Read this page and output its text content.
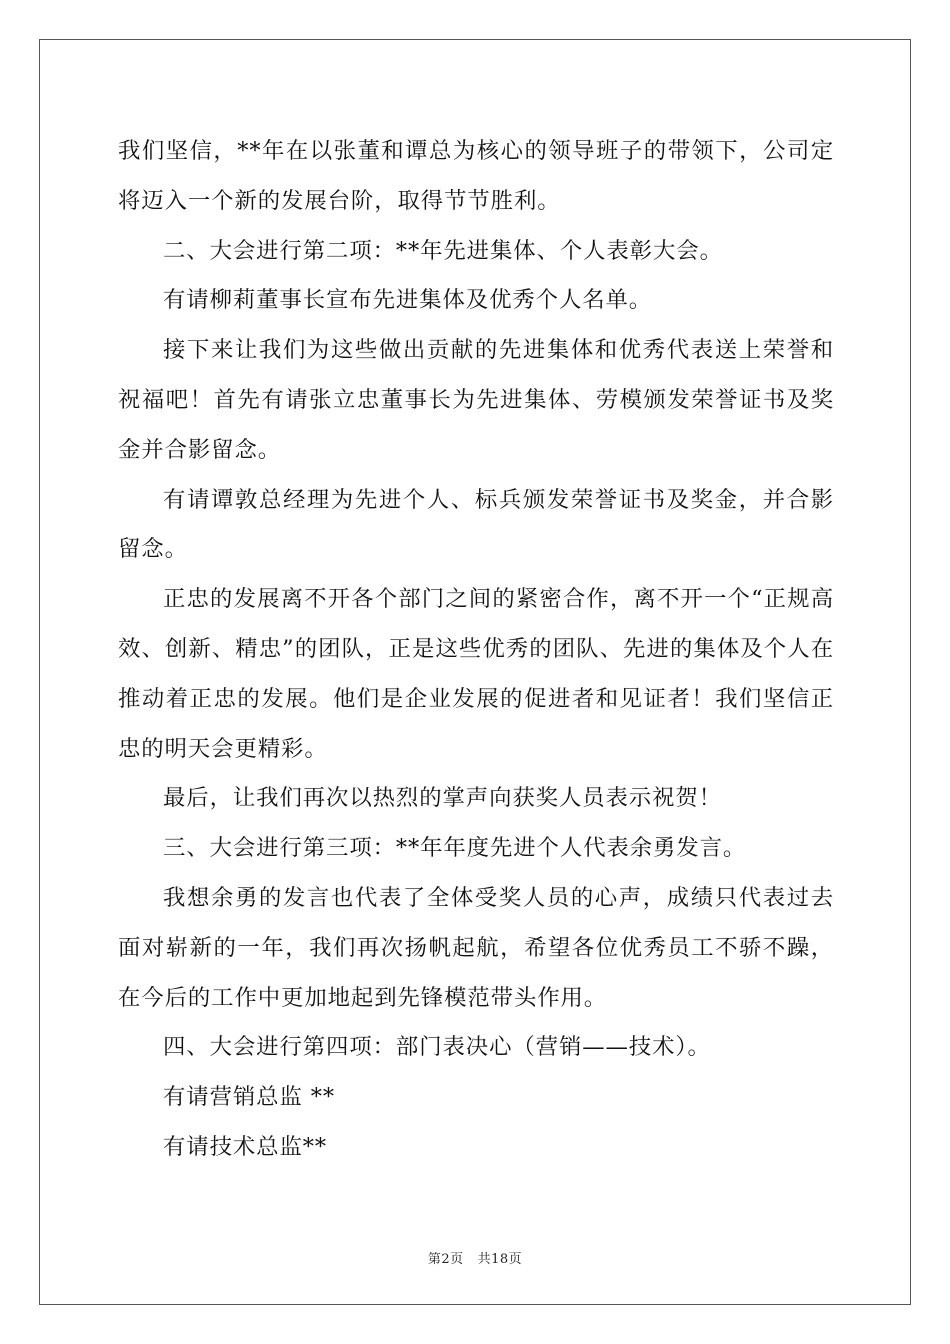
我们坚信，**年在以张董和谭总为核心的领导班子的带领下，公司定将迈入一个新的发展台阶，取得节节胜利。

二、大会进行第二项：**年先进集体、个人表彰大会。

有请柳莉董事长宣布先进集体及优秀个人名单。

接下来让我们为这些做出贡献的先进集体和优秀代表送上荣誉和祝福吧！首先有请张立忠董事长为先进集体、劳模颁发荣誉证书及奖金并合影留念。

有请谭敦总经理为先进个人、标兵颁发荣誉证书及奖金，并合影留念。

正忠的发展离不开各个部门之间的紧密合作，离不开一个“正规高效、创新、精忠”的团队，正是这些优秀的团队、先进的集体及个人在推动着正忠的发展。他们是企业发展的促进者和见证者！我们坚信正忠的明天会更精彩。

最后，让我们再次以热烈的掌声向获奖人员表示祝贺！

三、大会进行第三项：**年年度先进个人代表余勇发言。

我想余勇的发言也代表了全体受奖人员的心声，成绩只代表过去面对崭新的一年，我们再次扬帆起航，希望各位优秀员工不骄不躁，在今后的工作中更加地起到先锋模范带头作用。

四、大会进行第四项：部门表决心（营销——技术）。

有请营销总监 **

有请技术总监**

第2页 共18页
